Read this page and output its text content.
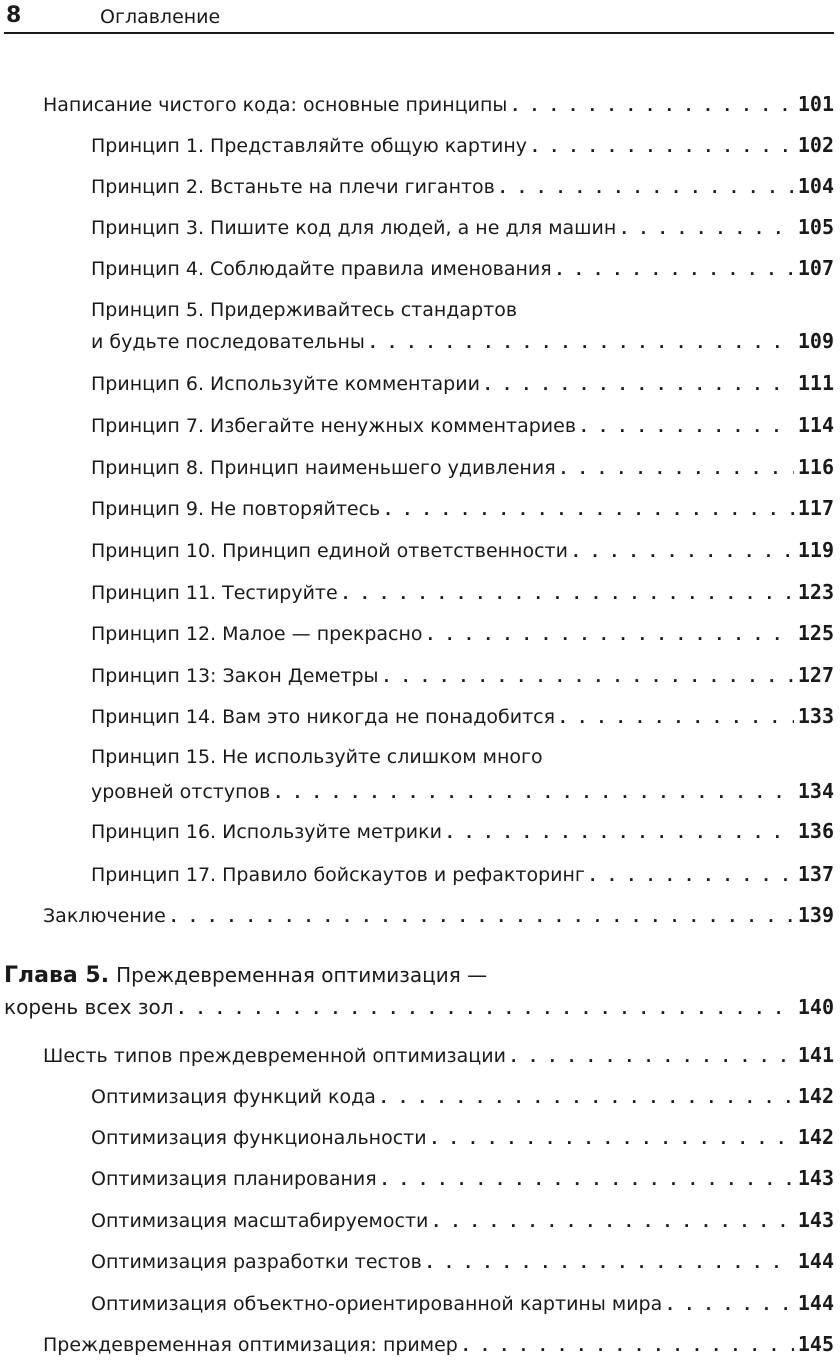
8	Оглавление
Написание чистого кода: основные принципы . . .	101
Принцип 1. Представляйте общую картину . . .	102
Принцип 2. Встаньте на плечи гигантов . . .	104
Принцип 3. Пишите код для людей, а не для машин . . .	105
Принцип 4. Соблюдайте правила именования . . .	107
Принцип 5. Придерживайтесь стандартов
и будьте последовательны . . .	109
Принцип 6. Используйте комментарии . . .	111
Принцип 7. Избегайте ненужных комментариев . . .	114
Принцип 8. Принцип наименьшего удивления . . .	116
Принцип 9. Не повторяйтесь . . .	117
Принцип 10. Принцип единой ответственности . . .	119
Принцип 11. Тестируйте . . .	123
Принцип 12. Малое — прекрасно . . .	125
Принцип 13: Закон Деметры . . .	127
Принцип 14. Вам это никогда не понадобится . . .	133
Принцип 15. Не используйте слишком много
уровней отступов . . .	134
Принцип 16. Используйте метрики . . .	136
Принцип 17. Правило бойскаутов и рефакторинг . . .	137
Заключение . . .	139
Глава 5. Преждевременная оптимизация —
корень всех зол . . .	140
Шесть типов преждевременной оптимизации . . .	141
Оптимизация функций кода . . .	142
Оптимизация функциональности . . .	142
Оптимизация планирования . . .	143
Оптимизация масштабируемости . . .	143
Оптимизация разработки тестов . . .	144
Оптимизация объектно-ориентированной картины мира . . .	144
Преждевременная оптимизация: пример . . .	145
